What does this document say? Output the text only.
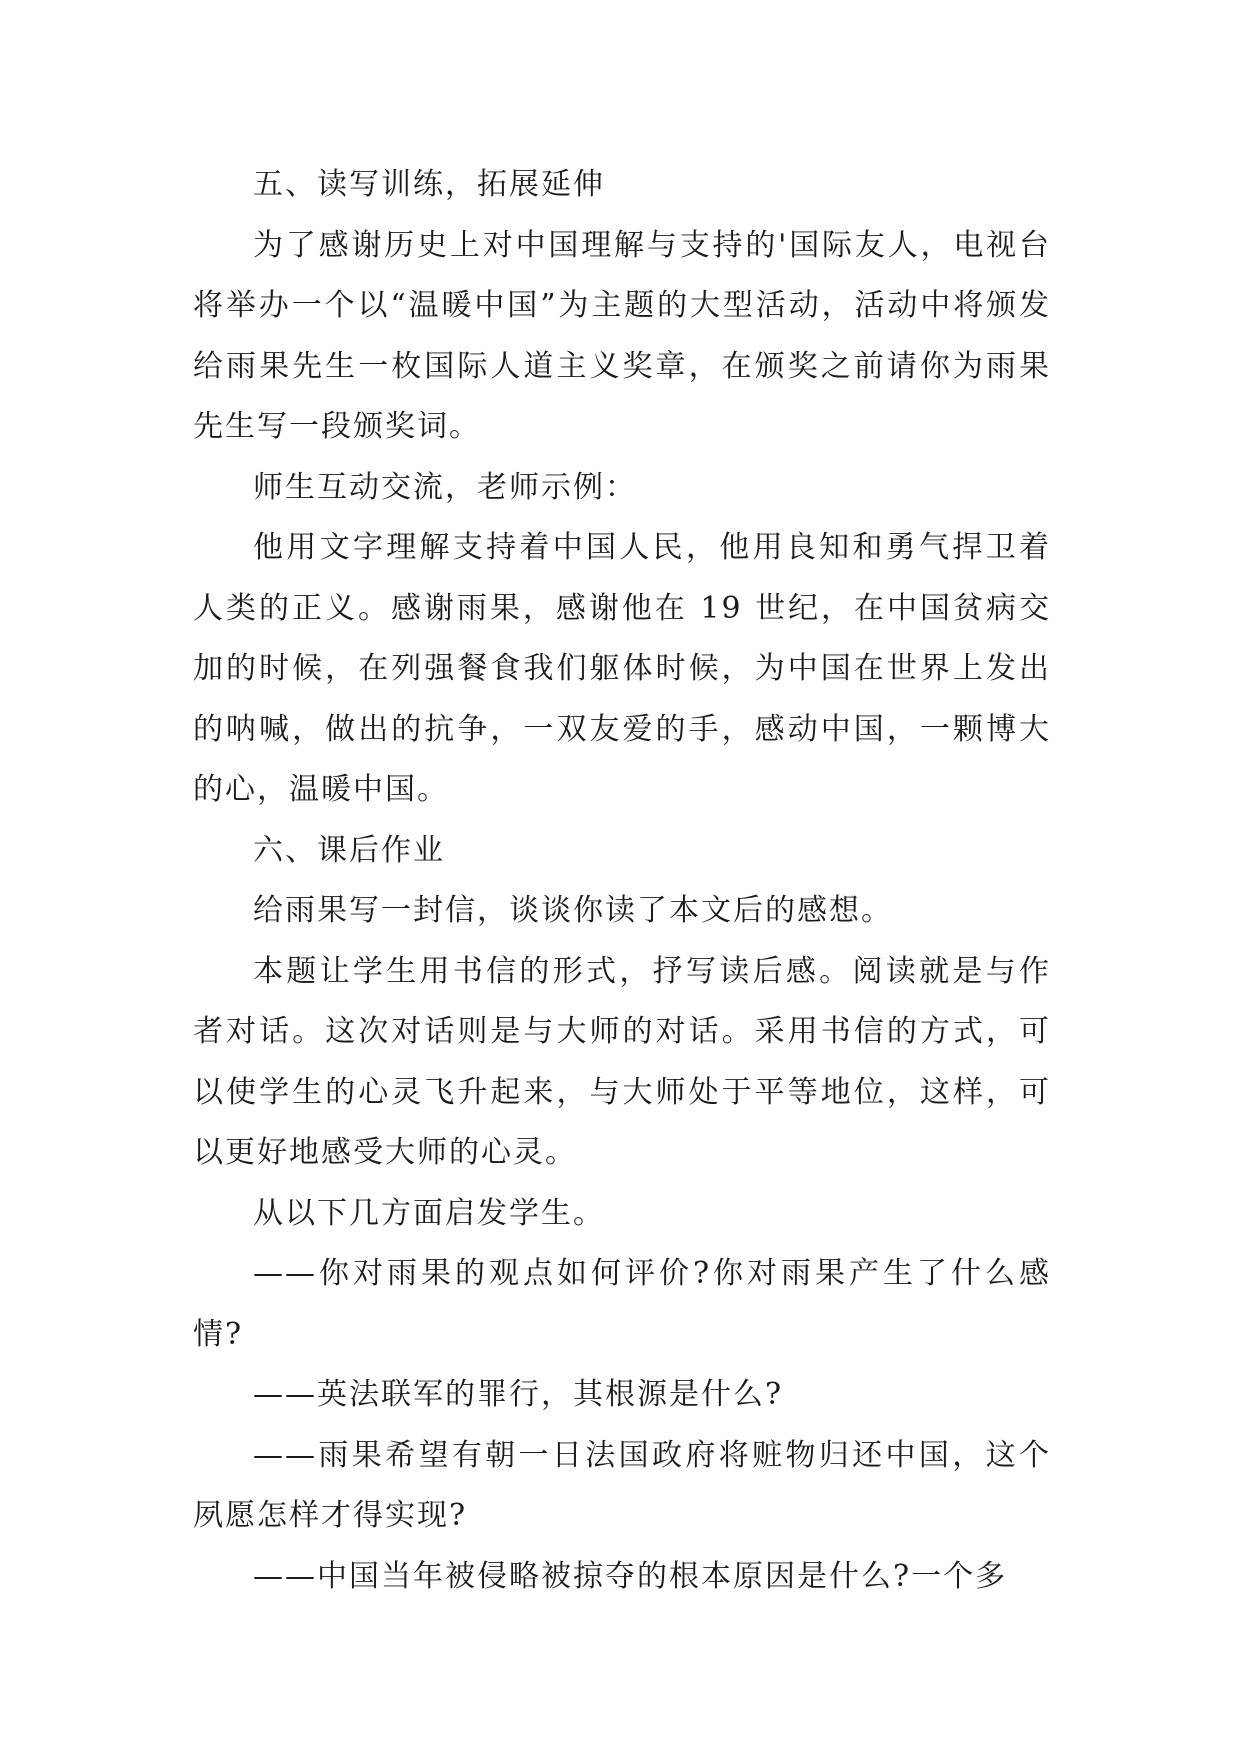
五、读写训练，拓展延伸

为了感谢历史上对中国理解与支持的'国际友人，电视台将举办一个以“温暖中国”为主题的大型活动，活动中将颁发给雨果先生一枚国际人道主义奖章，在颁奖之前请你为雨果先生写一段颁奖词。

师生互动交流，老师示例：

他用文字理解支持着中国人民，他用良知和勇气捍卫着人类的正义。感谢雨果，感谢他在 19 世纪，在中国贫病交加的时候，在列强餐食我们躯体时候，为中国在世界上发出的呐喊，做出的抗争，一双友爱的手，感动中国，一颗博大的心，温暖中国。

六、课后作业

给雨果写一封信，谈谈你读了本文后的感想。

本题让学生用书信的形式，抒写读后感。阅读就是与作者对话。这次对话则是与大师的对话。采用书信的方式，可以使学生的心灵飞升起来，与大师处于平等地位，这样，可以更好地感受大师的心灵。

从以下几方面启发学生。

——你对雨果的观点如何评价?你对雨果产生了什么感情?

——英法联军的罪行，其根源是什么?

——雨果希望有朝一日法国政府将赃物归还中国，这个夙愿怎样才得实现?

——中国当年被侵略被掠夺的根本原因是什么?一个多
